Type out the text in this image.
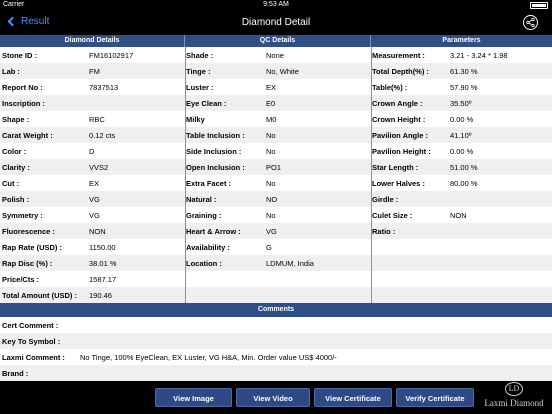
Carrier	9:53 AM
Result	Diamond Detail
Diamond Details	QC Details	Parameters
Stone ID :	FM16102917	Shade :	None	Measurement :	3.21 - 3.24 * 1.98
Lab :	FM	Tinge :	No, White	Total Depth(%) :	61.30 %
Report No :	7837513	Luster :	EX	Table(%) :	57.90 %
Inscription :	Eye Clean :	E0	Crown Angle :	35.50º
Shape :	RBC	Milky	M0	Crown Height :	0.00 %
Carat Weight :	0.12 cts	Table Inclusion :	No	Pavilion Angle :	41.10º
Color :	D	Side Inclusion :	No	Pavilion Height :	0.00 %
Clarity :	VVS2	Open Inclusion :	PO1	Star Length :	51.00 %
Cut :	EX	Extra Facet :	No	Lower Halves :	80.00 %
Polish :	VG	Natural :	NO	Girdle :
Symmetry :	VG	Graining :	No	Culet Size :	NON
Fluorescence :	NON	Heart & Arrow :	VG	Ratio :
Rap Rate (USD) :	1150.00	Availability :	G
Rap Disc (%) :	38.01 %	Location :	LDMUM, India
Price/Cts :	1587.17
Total Amount (USD) : 190.46
Comments
Cert Comment :
Key To Symbol :
Laxmi Comment : No Tinge, 100% EyeClean, EX Luster, VG H&A, Min. Order value US$ 4000/-
Brand :
View Image	View Video	View Certificate	Verify Certificate
LD
Laxmi Diamond
